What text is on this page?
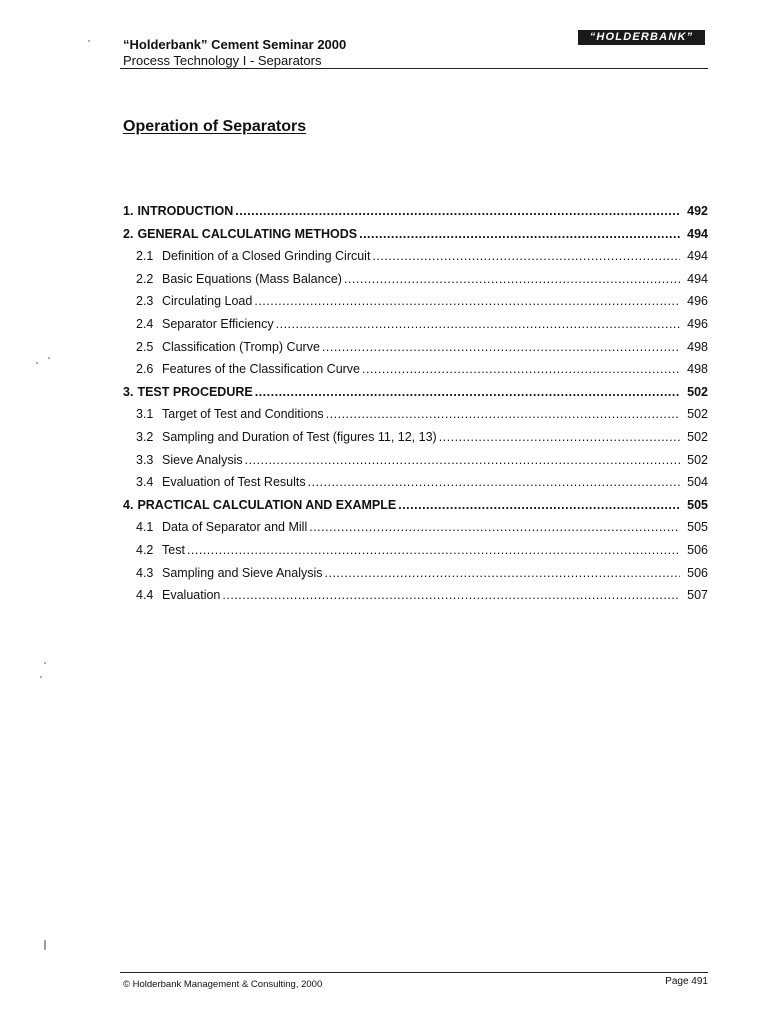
“Holderbank” Cement Seminar 2000
Process Technology I - Separators
“HOLDERBANK”
Operation of Separators
1. INTRODUCTION .....	492
2. GENERAL CALCULATING METHODS .....	494
2.1 Definition of a Closed Grinding Circuit .....	494
2.2 Basic Equations (Mass Balance) .....	494
2.3 Circulating Load .....	496
2.4 Separator Efficiency .....	496
2.5 Classification (Tromp) Curve .....	498
2.6 Features of the Classification Curve .....	498
3. TEST PROCEDURE .....	502
3.1 Target of Test and Conditions .....	502
3.2 Sampling and Duration of Test (figures 11, 12, 13) .....	502
3.3 Sieve Analysis .....	502
3.4 Evaluation of Test Results .....	504
4. PRACTICAL CALCULATION AND EXAMPLE .....	505
4.1 Data of Separator and Mill .....	505
4.2 Test .....	506
4.3 Sampling and Sieve Analysis .....	506
4.4 Evaluation .....	507
© Holderbank Management & Consulting, 2000	Page 491
